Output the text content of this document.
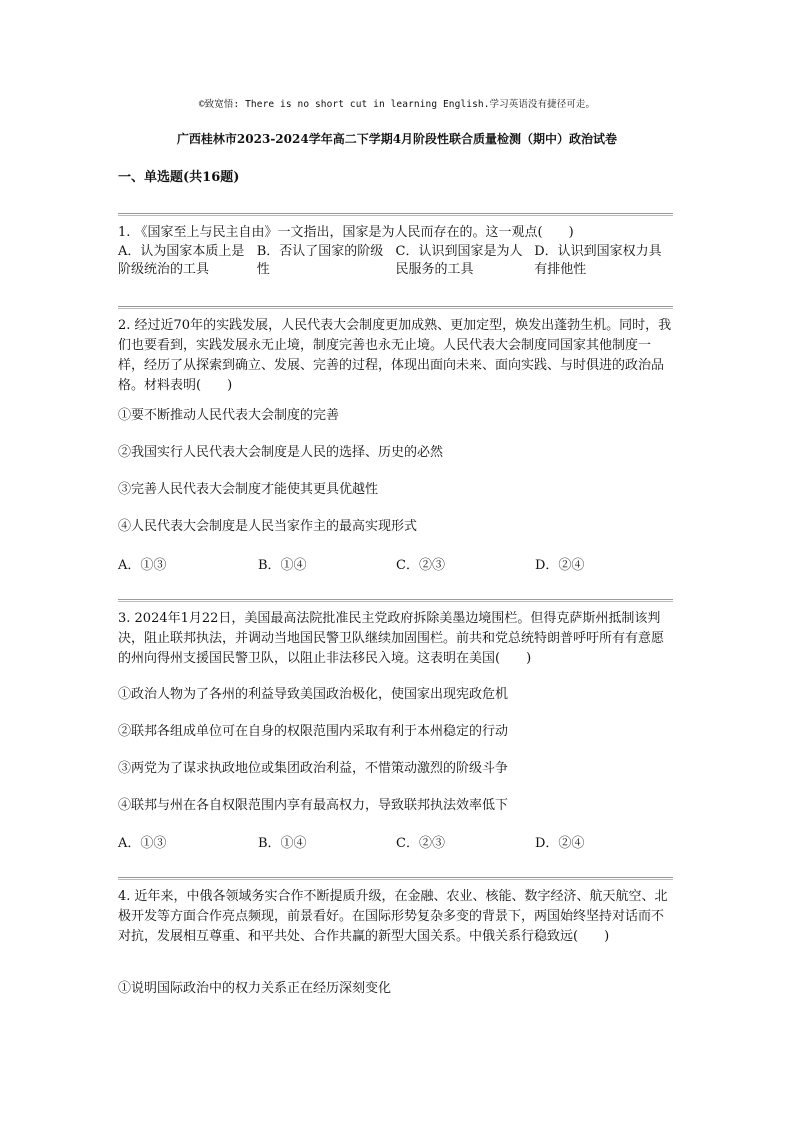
©致宽悟: There is no short cut in learning English.学习英语没有捷径可走。
广西桂林市2023-2024学年高二下学期4月阶段性联合质量检测（期中）政治试卷
一、单选题(共16题)

1. 《国家至上与民主自由》一文指出，国家是为人民而存在的。这一观点(　　)

A．认为国家本质上是阶级统治的工具
B．否认了国家的阶级性
C．认识到国家是为人民服务的工具
D．认识到国家权力具有排他性

2. 经过近70年的实践发展，人民代表大会制度更加成熟、更加定型，焕发出蓬勃生机。同时，我们也要看到，实践发展永无止境，制度完善也永无止境。人民代表大会制度同国家其他制度一样，经历了从探索到确立、发展、完善的过程，体现出面向未来、面向实践、与时俱进的政治品格。材料表明(　　)

①要不断推动人民代表大会制度的完善
②我国实行人民代表大会制度是人民的选择、历史的必然
③完善人民代表大会制度才能使其更具优越性
④人民代表大会制度是人民当家作主的最高实现形式
A．①③	B．①④	C．②③	D．②④

3. 2024年1月22日，美国最高法院批准民主党政府拆除美墨边境围栏。但得克萨斯州抵制该判决，阻止联邦执法，并调动当地国民警卫队继续加固围栏。前共和党总统特朗普呼吁所有有意愿的州向得州支援国民警卫队，以阻止非法移民入境。这表明在美国(　　)

①政治人物为了各州的利益导致美国政治极化，使国家出现宪政危机
②联邦各组成单位可在自身的权限范围内采取有利于本州稳定的行动
③两党为了谋求执政地位或集团政治利益，不惜策动激烈的阶级斗争
④联邦与州在各自权限范围内享有最高权力，导致联邦执法效率低下
A．①③	B．①④	C．②③	D．②④

4. 近年来，中俄各领域务实合作不断提质升级，在金融、农业、核能、数字经济、航天航空、北极开发等方面合作亮点频现，前景看好。在国际形势复杂多变的背景下，两国始终坚持对话而不对抗，发展相互尊重、和平共处、合作共赢的新型大国关系。中俄关系行稳致远(　　)

①说明国际政治中的权力关系正在经历深刻变化
